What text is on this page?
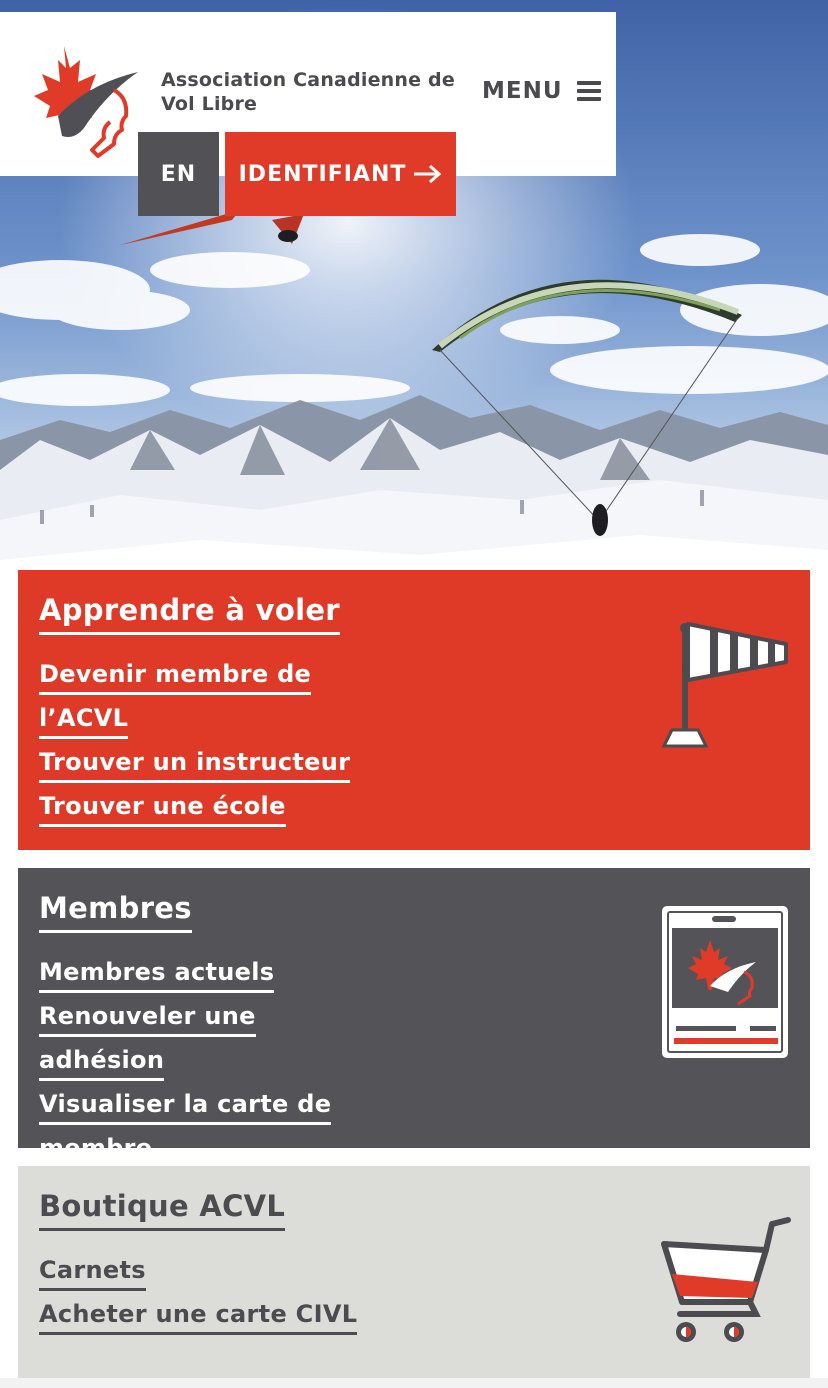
Association Canadienne de Vol Libre	MENU
EN	IDENTIFIANT
Apprendre à voler
Devenir membre de
l’ACVL
Trouver un instructeur
Trouver une école
Membres
Membres actuels
Renouveler une adhésion
Visualiser la carte de
membre
Boutique ACVL
Carnets
Acheter une carte CIVL
